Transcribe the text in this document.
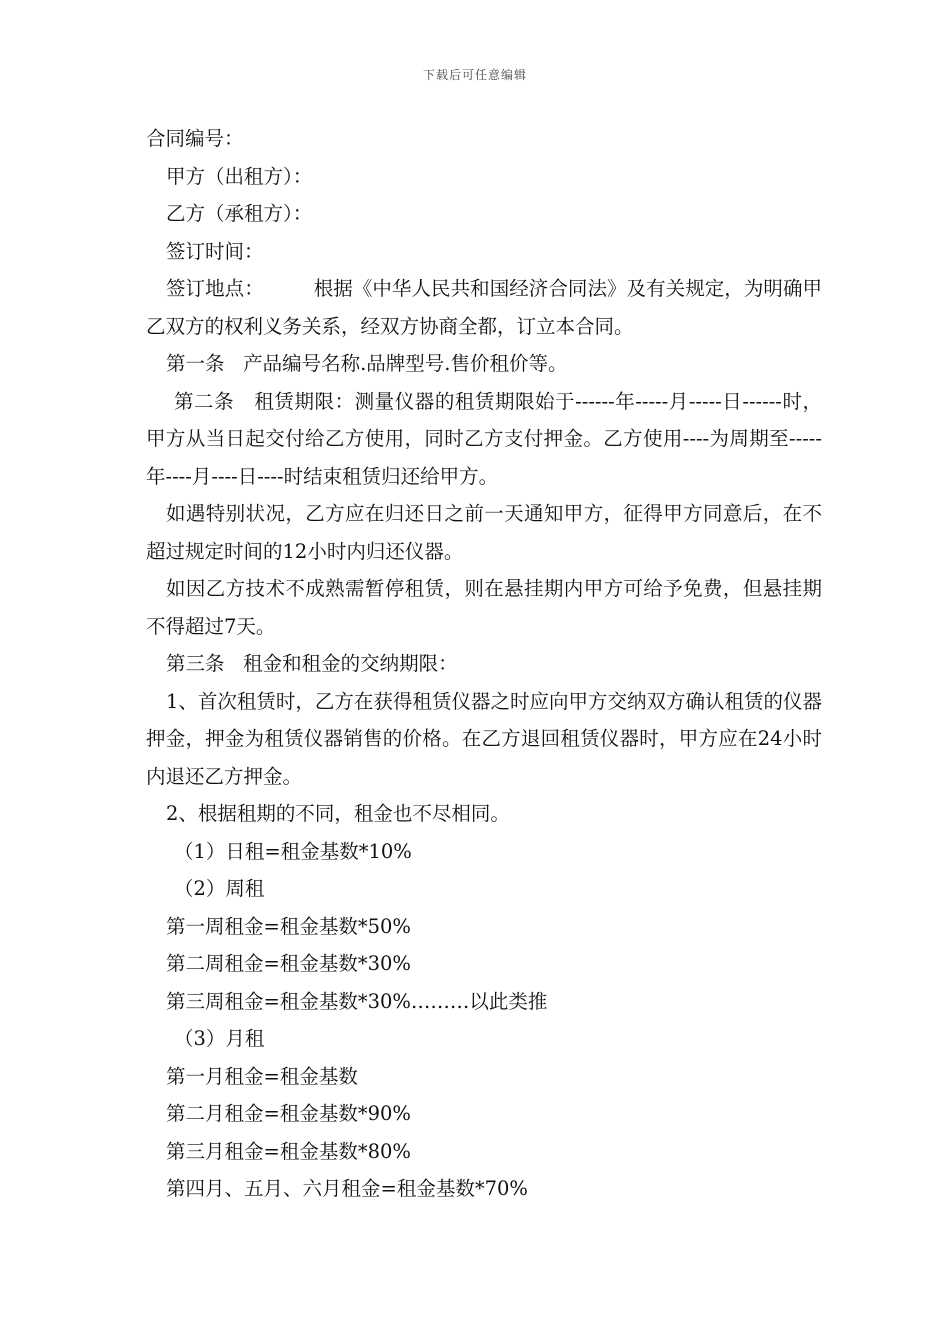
下载后可任意编辑

合同编号：

甲方（出租方）：

乙方（承租方）：

签订时间：

签订地点：        根据《中华人民共和国经济合同法》及有关规定，为明确甲乙双方的权利义务关系，经双方协商全都，订立本合同。

第一条   产品编号名称.品牌型号.售价租价等。

第二条   租赁期限：测量仪器的租赁期限始于------年-----月-----日------时，甲方从当日起交付给乙方使用，同时乙方支付押金。乙方使用----为周期至-----年----月----日----时结束租赁归还给甲方。

如遇特别状况，乙方应在归还日之前一天通知甲方，征得甲方同意后，在不超过规定时间的12小时内归还仪器。

如因乙方技术不成熟需暂停租赁，则在悬挂期内甲方可给予免费，但悬挂期不得超过7天。

第三条   租金和租金的交纳期限：

1、首次租赁时，乙方在获得租赁仪器之时应向甲方交纳双方确认租赁的仪器押金，押金为租赁仪器销售的价格。在乙方退回租赁仪器时，甲方应在24小时内退还乙方押金。

2、根据租期的不同，租金也不尽相同。

（1）日租=租金基数*10%

（2）周租

第一周租金=租金基数*50%

第二周租金=租金基数*30%

第三周租金=租金基数*30%………以此类推

（3）月租

第一月租金=租金基数

第二月租金=租金基数*90%

第三月租金=租金基数*80%

第四月、五月、六月租金=租金基数*70%
